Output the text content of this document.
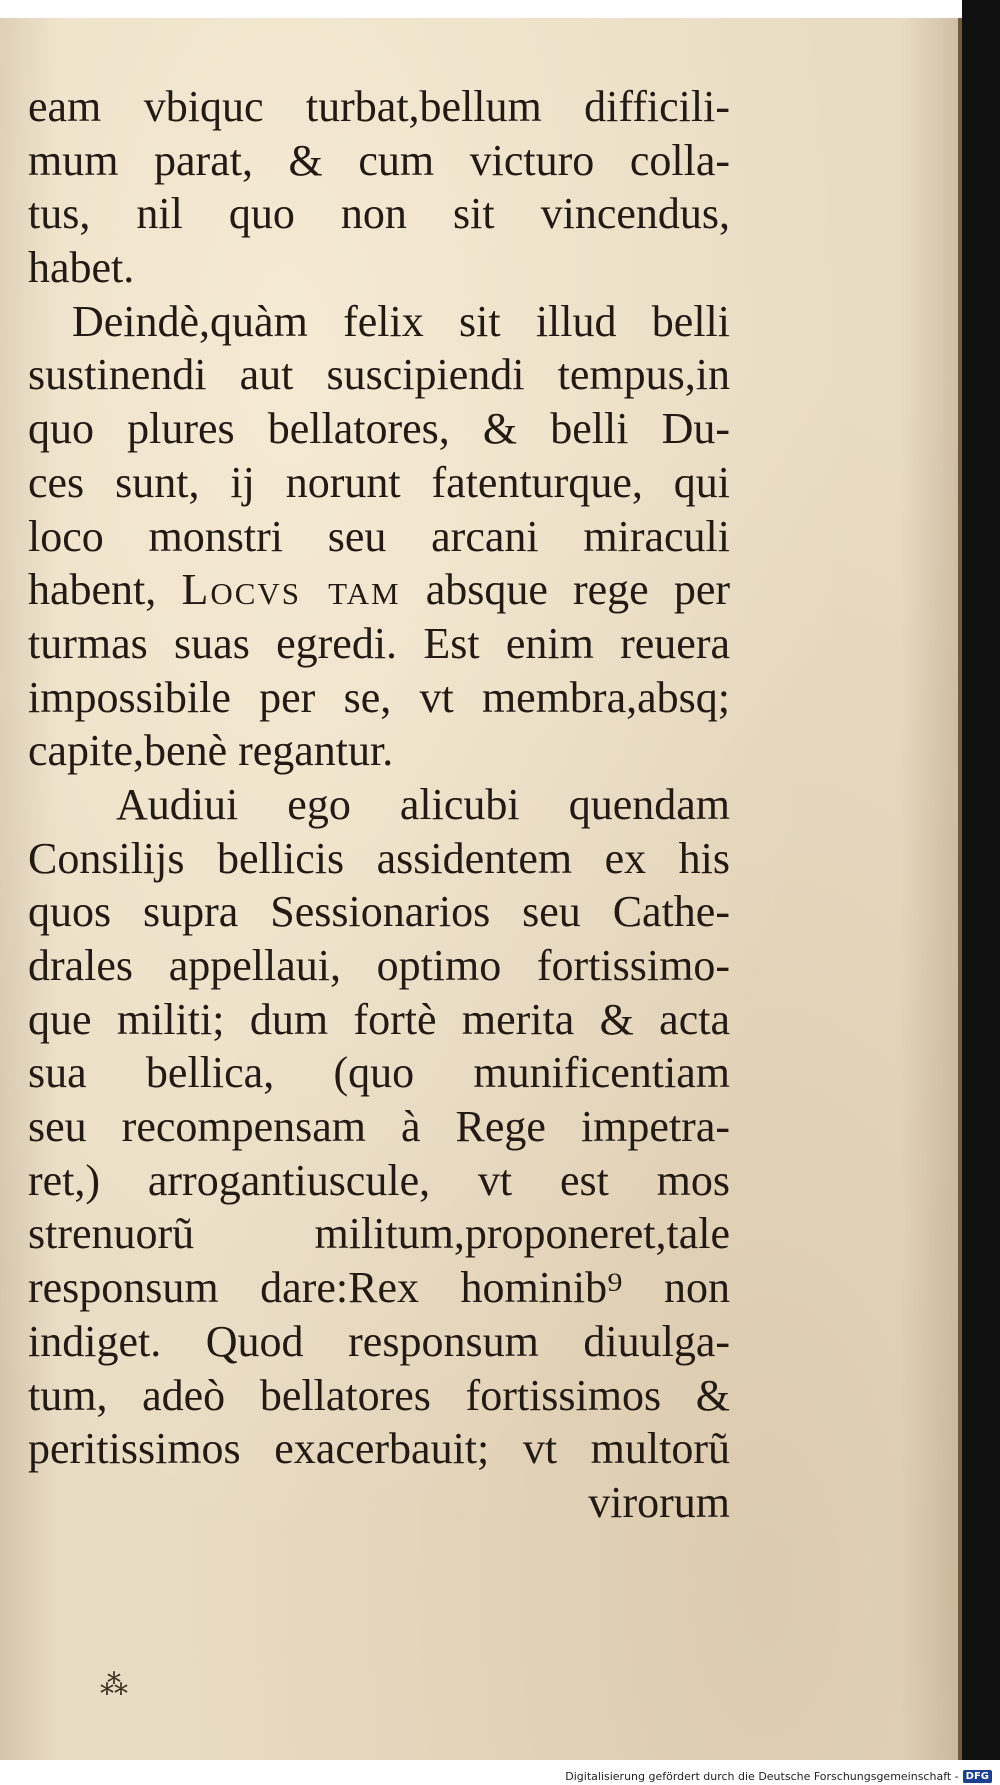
eam vbiquc turbat,bellum difficili-
mum parat, & cum victuro colla-
tus, nil quo non sit vincendus,
habet.
Deindè,quàm felix sit illud belli
sustinendi aut suscipiendi tempus,in
quo plures bellatores, & belli Du-
ces sunt, ij norunt fatenturque, qui
loco monstri seu arcani miraculi
habent, Locvs tam absque rege per
turmas suas egredi. Est enim reuera
impossibile per se, vt membra,absq;
capite,benè regantur.
Audiui ego alicubi quendam
Consilijs bellicis assidentem ex his
quos supra Sessionarios seu Cathe-
drales appellaui, optimo fortissimo-
que militi; dum fortè merita & acta
sua bellica, (quo munificentiam
seu recompensam à Rege impetra-
ret,) arrogantiuscule, vt est mos
strenuorũ militum,proponeret,tale
responsum dare:Rex hominib⁹ non
indiget. Quod responsum diuulga-
tum, adeò bellatores fortissimos &
peritissimos exacerbauit; vt multorũ
virorum
⁂
Digitalisierung gefördert durch die Deutsche Forschungsgemeinschaft - DFG
